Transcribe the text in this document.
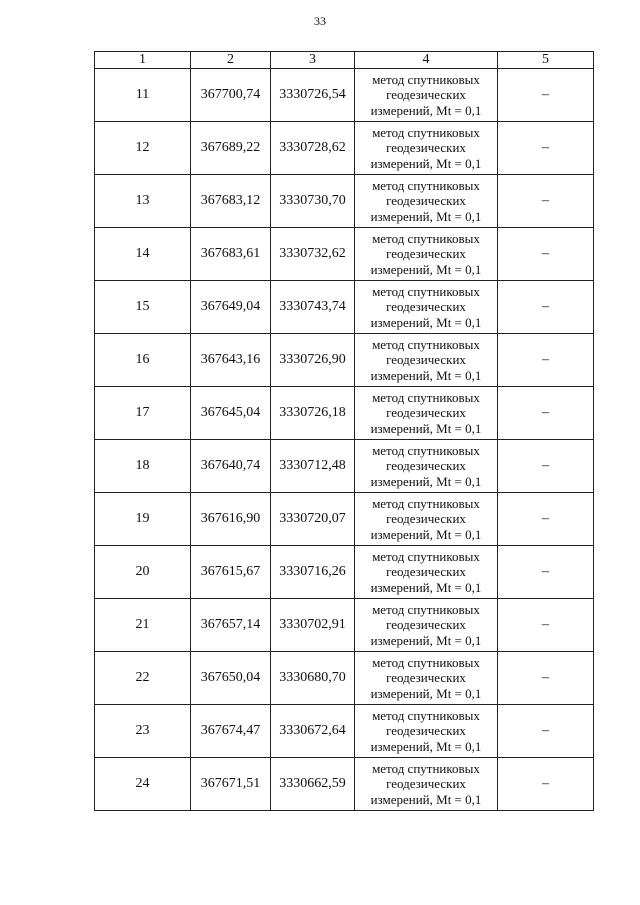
33
1	2	3	4	5
11	367700,74	3330726,54	метод спутниковых
геодезических
измерений, Mt = 0,1	–
12	367689,22	3330728,62	метод спутниковых
геодезических
измерений, Mt = 0,1	–
13	367683,12	3330730,70	метод спутниковых
геодезических
измерений, Mt = 0,1	–
14	367683,61	3330732,62	метод спутниковых
геодезических
измерений, Mt = 0,1	–
15	367649,04	3330743,74	метод спутниковых
геодезических
измерений, Mt = 0,1	–
16	367643,16	3330726,90	метод спутниковых
геодезических
измерений, Mt = 0,1	–
17	367645,04	3330726,18	метод спутниковых
геодезических
измерений, Mt = 0,1	–
18	367640,74	3330712,48	метод спутниковых
геодезических
измерений, Mt = 0,1	–
19	367616,90	3330720,07	метод спутниковых
геодезических
измерений, Mt = 0,1	–
20	367615,67	3330716,26	метод спутниковых
геодезических
измерений, Mt = 0,1	–
21	367657,14	3330702,91	метод спутниковых
геодезических
измерений, Mt = 0,1	–
22	367650,04	3330680,70	метод спутниковых
геодезических
измерений, Mt = 0,1	–
23	367674,47	3330672,64	метод спутниковых
геодезических
измерений, Mt = 0,1	–
24	367671,51	3330662,59	метод спутниковых
геодезических
измерений, Mt = 0,1	–
